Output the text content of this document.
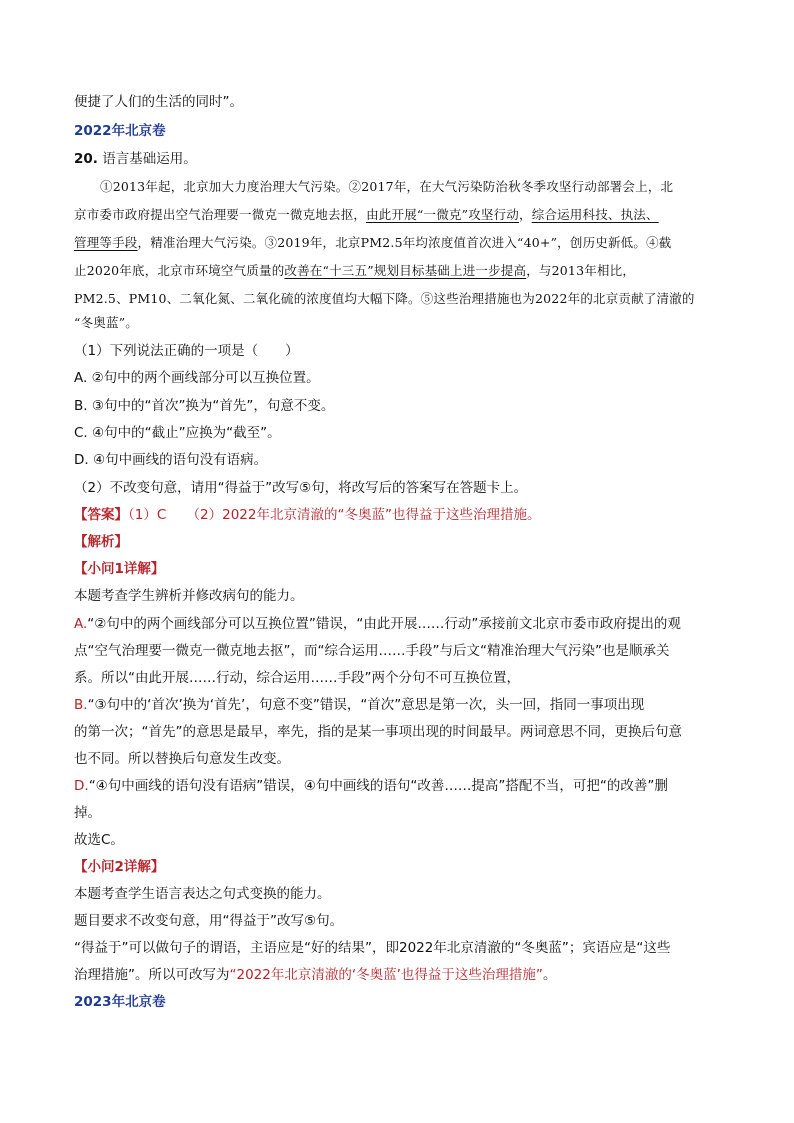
便捷了人们的生活的同时”。
2022年北京卷
20. 语言基础运用。
①2013年起，北京加大力度治理大气污染。②2017年，在大气污染防治秋冬季攻坚行动部署会上，北
京市委市政府提出空气治理要一微克一微克地去抠，由此开展“一微克”攻坚行动，综合运用科技、执法、
管理等手段，精准治理大气污染。③2019年，北京PM2.5年均浓度值首次进入“40+”，创历史新低。④截
止2020年底，北京市环境空气质量的改善在“十三五”规划目标基础上进一步提高，与2013年相比，
PM2.5、PM10、二氧化氮、二氧化硫的浓度值均大幅下降。⑤这些治理措施也为2022年的北京贡献了清澈的
“冬奥蓝”。
（1）下列说法正确的一项是（　　）
A. ②句中的两个画线部分可以互换位置。
B. ③句中的“首次”换为“首先”，句意不变。
C. ④句中的“截止”应换为“截至”。
D. ④句中画线的语句没有语病。
（2）不改变句意，请用“得益于”改写⑤句，将改写后的答案写在答题卡上。
【答案】（1）C　　（2）2022年北京清澈的“冬奥蓝”也得益于这些治理措施。
【解析】
【小问1详解】
本题考查学生辨析并修改病句的能力。
A.“②句中的两个画线部分可以互换位置”错误，“由此开展……行动”承接前文北京市委市政府提出的观
点“空气治理要一微克一微克地去抠”，而“综合运用……手段”与后文“精准治理大气污染”也是顺承关
系。所以“由此开展……行动，综合运用……手段”两个分句不可互换位置，
B.“③句中的‘首次’换为‘首先’，句意不变”错误，“首次”意思是第一次，头一回，指同一事项出现
的第一次；“首先”的意思是最早，率先，指的是某一事项出现的时间最早。两词意思不同，更换后句意
也不同。所以替换后句意发生改变。
D.“④句中画线的语句没有语病”错误，④句中画线的语句“改善……提高”搭配不当，可把“的改善”删
掉。
故选C。
【小问2详解】
本题考查学生语言表达之句式变换的能力。
题目要求不改变句意，用“得益于”改写⑤句。
“得益于”可以做句子的谓语，主语应是“好的结果”，即2022年北京清澈的“冬奥蓝”；宾语应是“这些
治理措施”。所以可改写为“2022年北京清澈的‘冬奥蓝’也得益于这些治理措施”。
2023年北京卷
